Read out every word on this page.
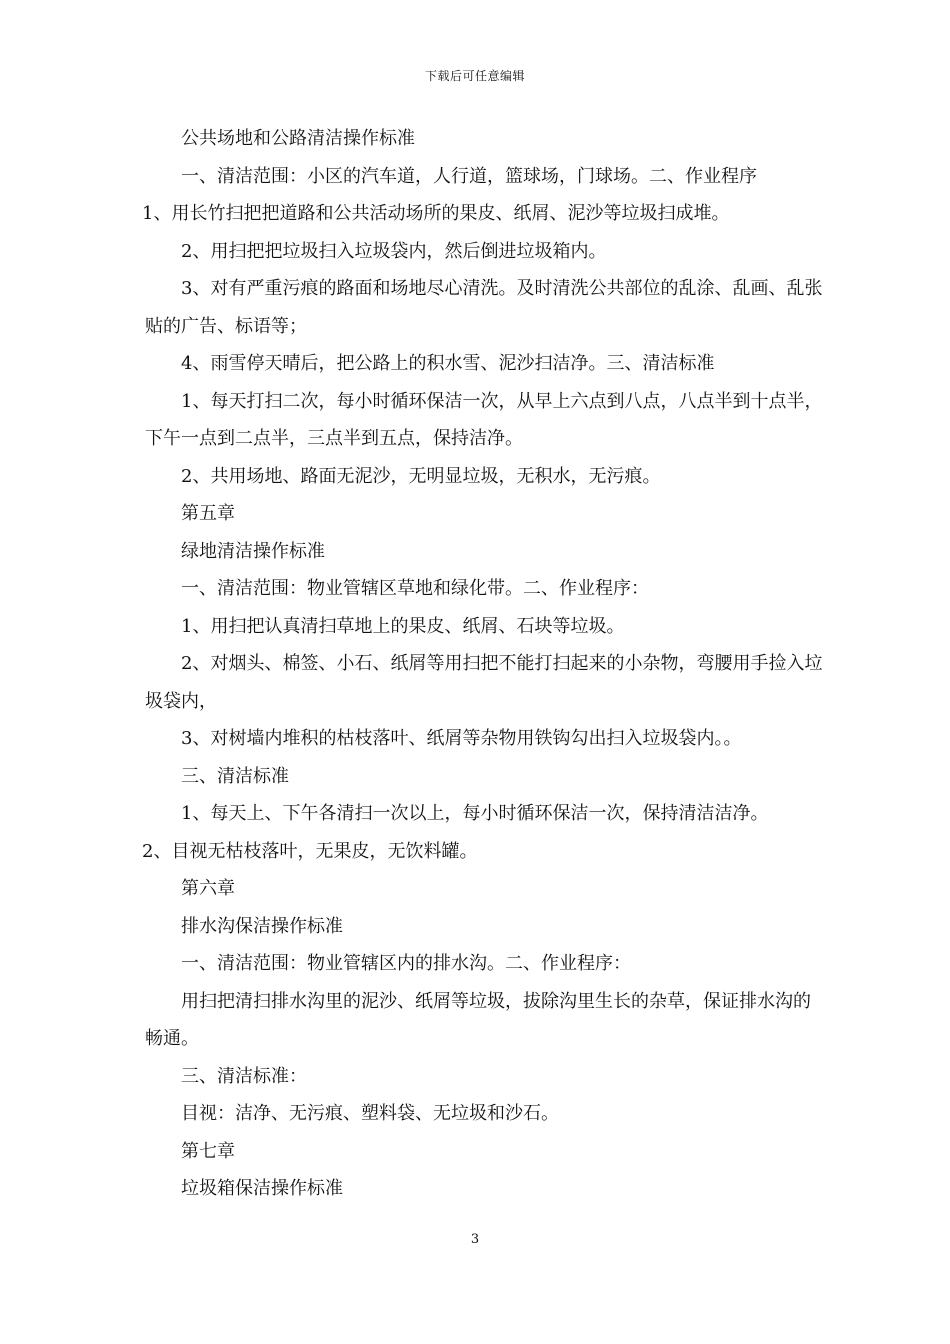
下载后可任意编辑

公共场地和公路清洁操作标准

一、清洁范围：小区的汽车道，人行道，篮球场，门球场。二、作业程序

1、用长竹扫把把道路和公共活动场所的果皮、纸屑、泥沙等垃圾扫成堆。

2、用扫把把垃圾扫入垃圾袋内，然后倒进垃圾箱内。

3、对有严重污痕的路面和场地尽心清洗。及时清洗公共部位的乱涂、乱画、乱张贴的广告、标语等；

4、雨雪停天晴后，把公路上的积水雪、泥沙扫洁净。三、清洁标准

1、每天打扫二次，每小时循环保洁一次，从早上六点到八点，八点半到十点半，下午一点到二点半，三点半到五点，保持洁净。

2、共用场地、路面无泥沙，无明显垃圾，无积水，无污痕。

第五章

绿地清洁操作标准

一、清洁范围：物业管辖区草地和绿化带。二、作业程序：

1、用扫把认真清扫草地上的果皮、纸屑、石块等垃圾。

2、对烟头、棉签、小石、纸屑等用扫把不能打扫起来的小杂物，弯腰用手捡入垃圾袋内，

3、对树墙内堆积的枯枝落叶、纸屑等杂物用铁钩勾出扫入垃圾袋内。。

三、清洁标准

1、每天上、下午各清扫一次以上，每小时循环保洁一次，保持清洁洁净。

2、目视无枯枝落叶，无果皮，无饮料罐。

第六章

排水沟保洁操作标准

一、清洁范围：物业管辖区内的排水沟。二、作业程序：

用扫把清扫排水沟里的泥沙、纸屑等垃圾，拔除沟里生长的杂草，保证排水沟的畅通。

三、清洁标准：

目视：洁净、无污痕、塑料袋、无垃圾和沙石。

第七章

垃圾箱保洁操作标准

3
